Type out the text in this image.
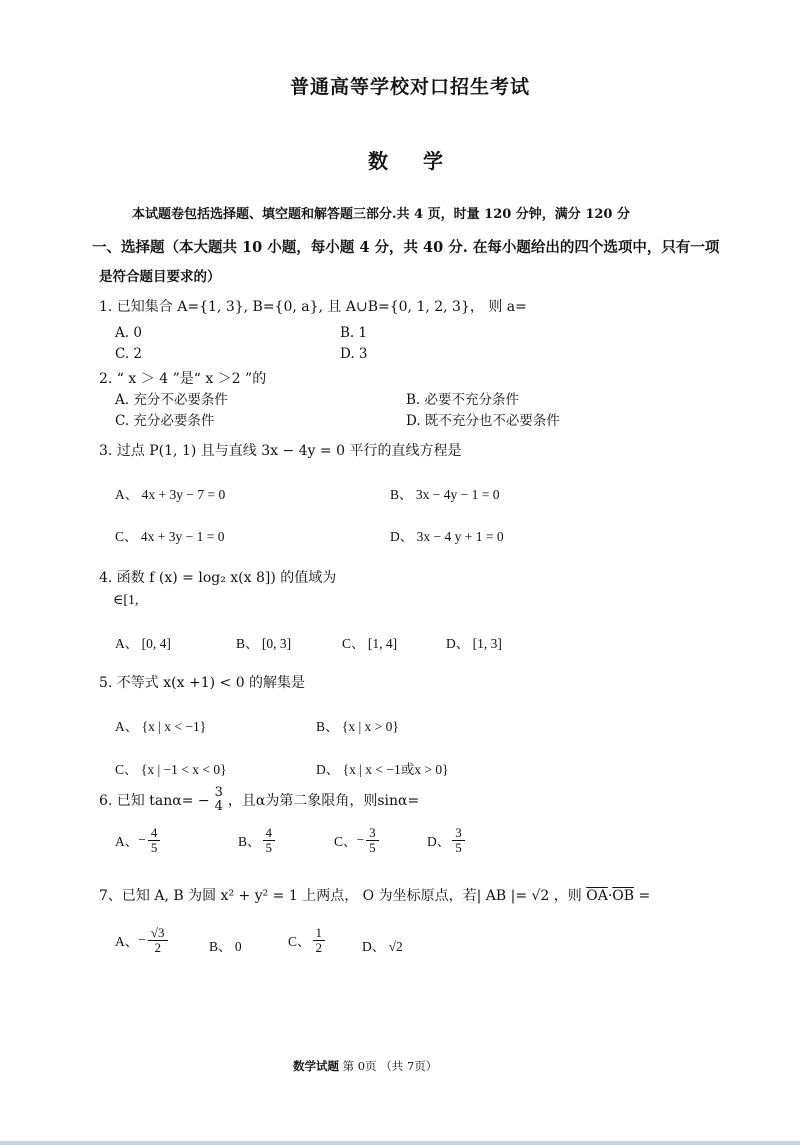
普通高等学校对口招生考试
数 学
本试题卷包括选择题、填空题和解答题三部分.共 4 页，时量 120 分钟，满分 120 分
一、选择题（本大题共 10 小题，每小题 4 分，共 40 分. 在每小题给出的四个选项中，只有一项
是符合题目要求的）
1. 已知集合 A={1, 3}, B={0, a}, 且 A∪B={0, 1, 2, 3}， 则 a=
A. 0	B. 1
C. 2	D. 3
2. “ x ＞ 4 ”是“ x ＞2 ”的
A. 充分不必要条件	B. 必要不充分条件
C. 充分必要条件	D. 既不充分也不必要条件
3. 过点 P(1, 1) 且与直线 3x − 4y = 0 平行的直线方程是
A、 4x + 3y − 7 = 0	B、 3x − 4y − 1 = 0
C、 4x + 3y − 1 = 0	D、 3x − 4 y + 1 = 0
4. 函数 f (x) = log₂ x(x 8]) 的值域为
∈[1,
A、 [0, 4]	B、 [0, 3]	C、 [1, 4]	D、 [1, 3]
5. 不等式 x(x +1) < 0 的解集是
A、 {x | x < −1}	B、 {x | x > 0}
C、 {x | −1 < x < 0}	D、 {x | x < −1或x > 0}
6. 已知 tanα= −
3
4 ，且α为第二象限角，则sinα=
A、 − $\frac{4}{5}$	B、 $\frac{4}{5}$	C、 − $\frac{3}{5}$	D、 $\frac{3}{5}$
7、已知 A, B 为圆 x² + y² = 1 上两点， O 为坐标原点，若| AB |= √2 ，则 $\overline{OA}\cdot\overline{OB}$ =
A、 − $\frac{√3}{2}$	B、 0	C、 $\frac{1}{2}$	D、 √2
数学试题 第 0页 （共 7页）
